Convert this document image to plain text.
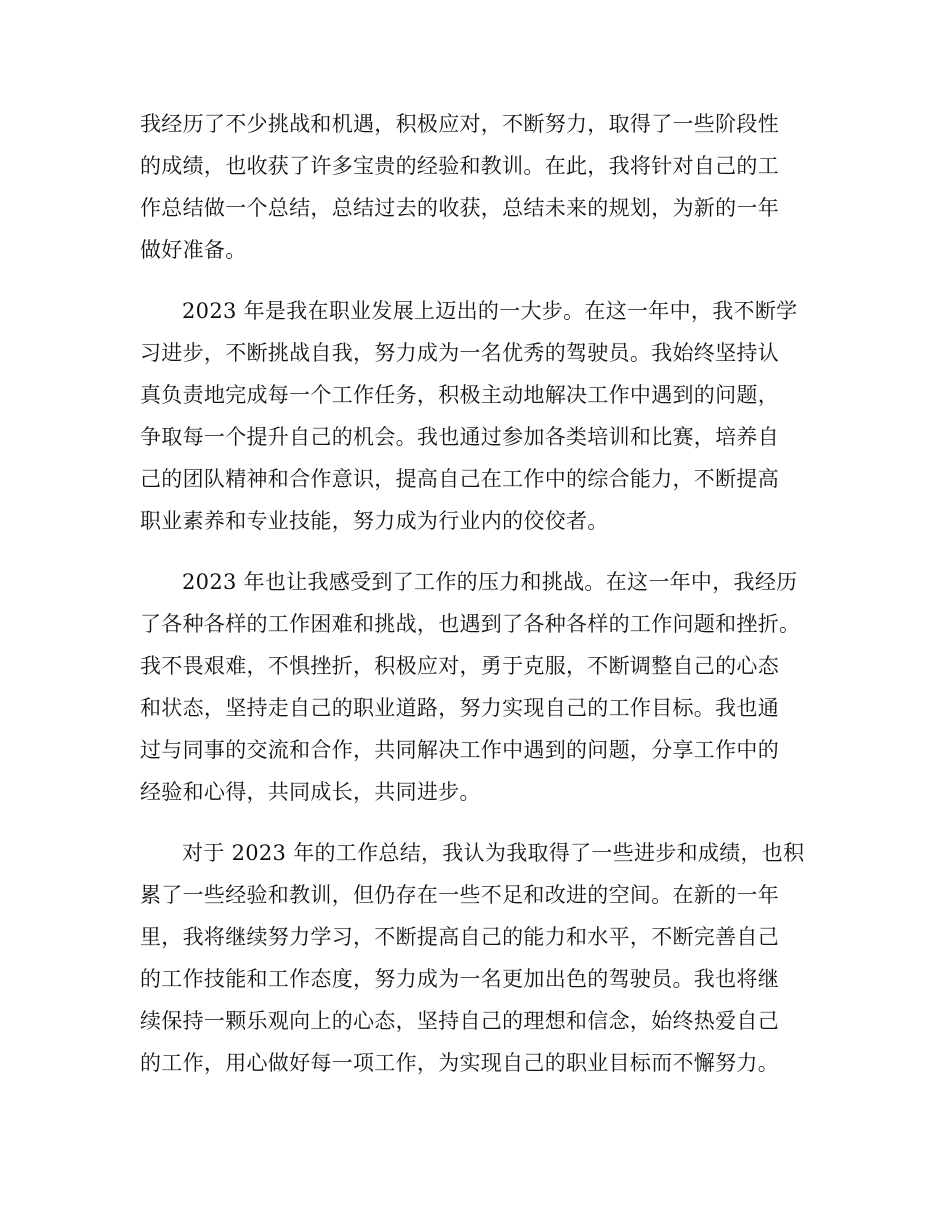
我经历了不少挑战和机遇，积极应对，不断努力，取得了一些阶段性
的成绩，也收获了许多宝贵的经验和教训。在此，我将针对自己的工
作总结做一个总结，总结过去的收获，总结未来的规划，为新的一年
做好准备。
2023 年是我在职业发展上迈出的一大步。在这一年中，我不断学
习进步，不断挑战自我，努力成为一名优秀的驾驶员。我始终坚持认
真负责地完成每一个工作任务，积极主动地解决工作中遇到的问题，
争取每一个提升自己的机会。我也通过参加各类培训和比赛，培养自
己的团队精神和合作意识，提高自己在工作中的综合能力，不断提高
职业素养和专业技能，努力成为行业内的佼佼者。
2023 年也让我感受到了工作的压力和挑战。在这一年中，我经历
了各种各样的工作困难和挑战，也遇到了各种各样的工作问题和挫折。
我不畏艰难，不惧挫折，积极应对，勇于克服，不断调整自己的心态
和状态，坚持走自己的职业道路，努力实现自己的工作目标。我也通
过与同事的交流和合作，共同解决工作中遇到的问题，分享工作中的
经验和心得，共同成长，共同进步。
对于 2023 年的工作总结，我认为我取得了一些进步和成绩，也积
累了一些经验和教训，但仍存在一些不足和改进的空间。在新的一年
里，我将继续努力学习，不断提高自己的能力和水平，不断完善自己
的工作技能和工作态度，努力成为一名更加出色的驾驶员。我也将继
续保持一颗乐观向上的心态，坚持自己的理想和信念，始终热爱自己
的工作，用心做好每一项工作，为实现自己的职业目标而不懈努力。
